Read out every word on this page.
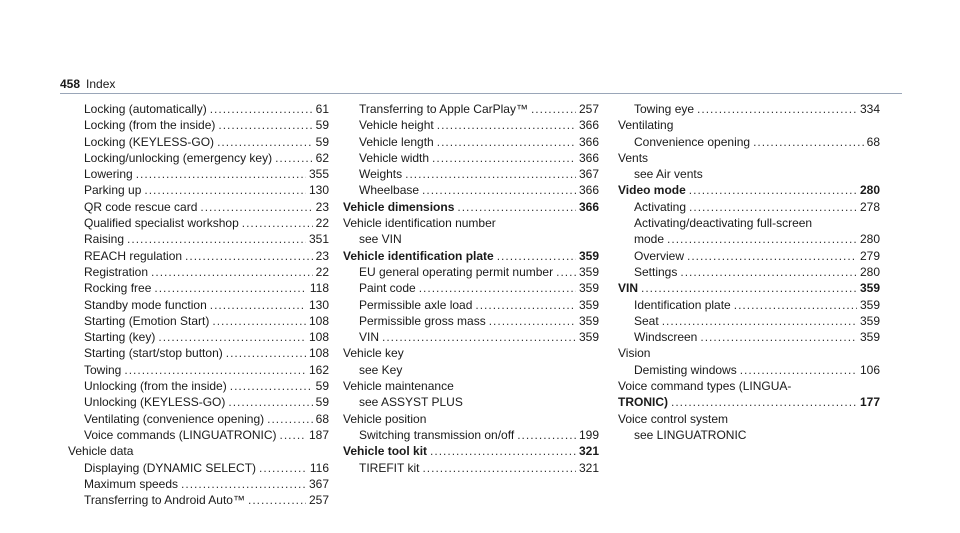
458 Index
Locking (automatically) .....	61
Locking (from the inside) .....	59
Locking (KEYLESS-GO) .....	59
Locking/unlocking (emergency key) .....	62
Lowering .....	355
Parking up .....	130
QR code rescue card .....	23
Qualified specialist workshop .....	22
Raising .....	351
REACH regulation .....	23
Registration .....	22
Rocking free .....	118
Standby mode function .....	130
Starting (Emotion Start) .....	108
Starting (key) .....	108
Starting (start/stop button) .....	108
Towing .....	162
Unlocking (from the inside) .....	59
Unlocking (KEYLESS-GO) .....	59
Ventilating (convenience opening) .....	68
Voice commands (LINGUATRONIC) .....	187
Vehicle data
Displaying (DYNAMIC SELECT) .....	116
Maximum speeds .....	367
Transferring to Android Auto™ .....	257
Transferring to Apple CarPlay™ .....	257
Vehicle height .....	366
Vehicle length .....	366
Vehicle width .....	366
Weights .....	367
Wheelbase .....	366
Vehicle dimensions .....	366
Vehicle identification number
see VIN
Vehicle identification plate .....	359
EU general operating permit number ..... 359
Paint code .....	359
Permissible axle load .....	359
Permissible gross mass .....	359
VIN .....	359
Vehicle key
see Key
Vehicle maintenance
see ASSYST PLUS
Vehicle position
Switching transmission on/off .....	199
Vehicle tool kit .....	321
TIREFIT kit .....	321
Towing eye .....	334
Ventilating
Convenience opening .....	68
Vents
see Air vents
Video mode .....	280
Activating .....	278
Activating/deactivating full-screen
mode .....	280
Overview .....	279
Settings .....	280
VIN .....	359
Identification plate .....	359
Seat .....	359
Windscreen .....	359
Vision
Demisting windows .....	106
Voice command types (LINGUA-
TRONIC) .....	177
Voice control system
see LINGUATRONIC
